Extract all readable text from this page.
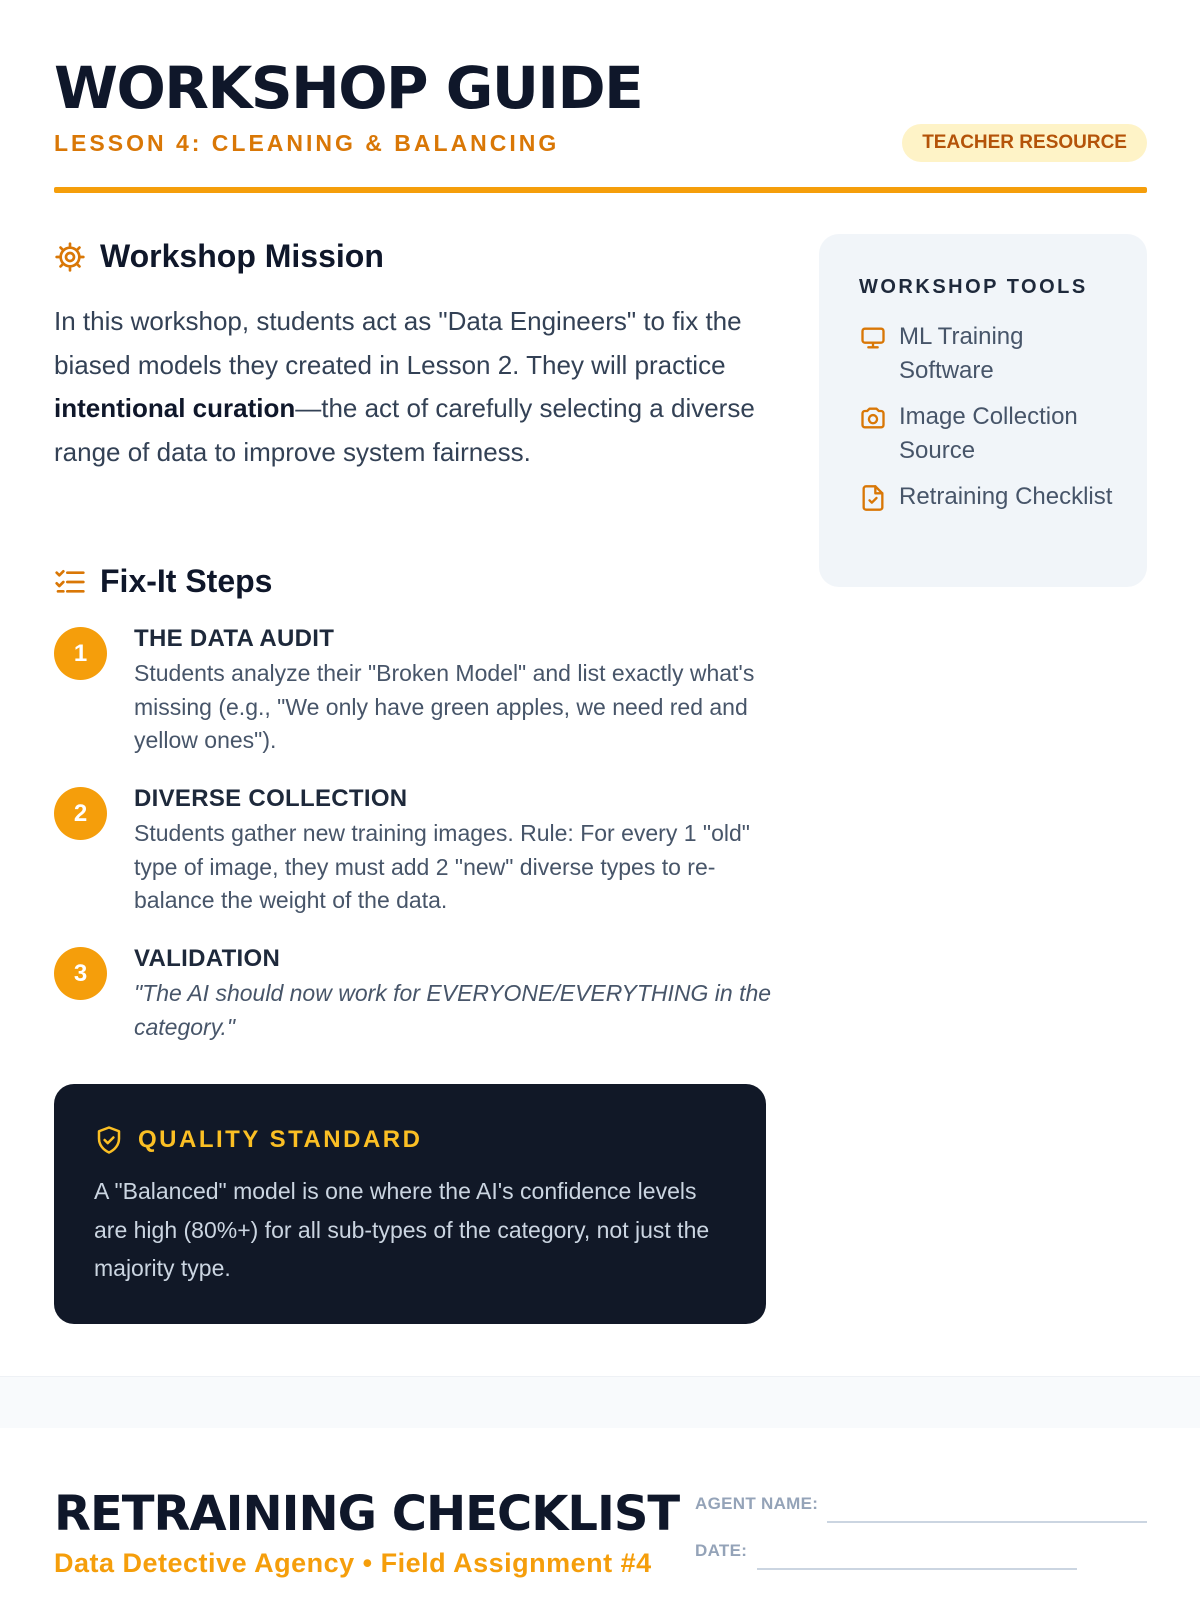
WORKSHOP GUIDE
LESSON 4: CLEANING & BALANCING	TEACHER RESOURCE
Workshop Mission

In this workshop, students act as "Data Engineers" to fix the biased models they created in Lesson 2. They will practice intentional curation—the act of carefully selecting a diverse range of data to improve system fairness.

Fix-It Steps
1
THE DATA AUDIT
Students analyze their "Broken Model" and list exactly what's missing (e.g., "We only have green apples, we need red and yellow ones").
2
DIVERSE COLLECTION
Students gather new training images. Rule: For every 1 "old" type of image, they must add 2 "new" diverse types to re-balance the weight of the data.
3
VALIDATION
"The AI should now work for EVERYONE/EVERYTHING in the category."
QUALITY STANDARD
A "Balanced" model is one where the AI's confidence levels are high (80%+) for all sub-types of the category, not just the majority type.
WORKSHOP TOOLS
ML Training Software
Image Collection Source
Retraining Checklist
RETRAINING CHECKLIST
Data Detective Agency • Field Assignment #4
AGENT NAME:
DATE:
